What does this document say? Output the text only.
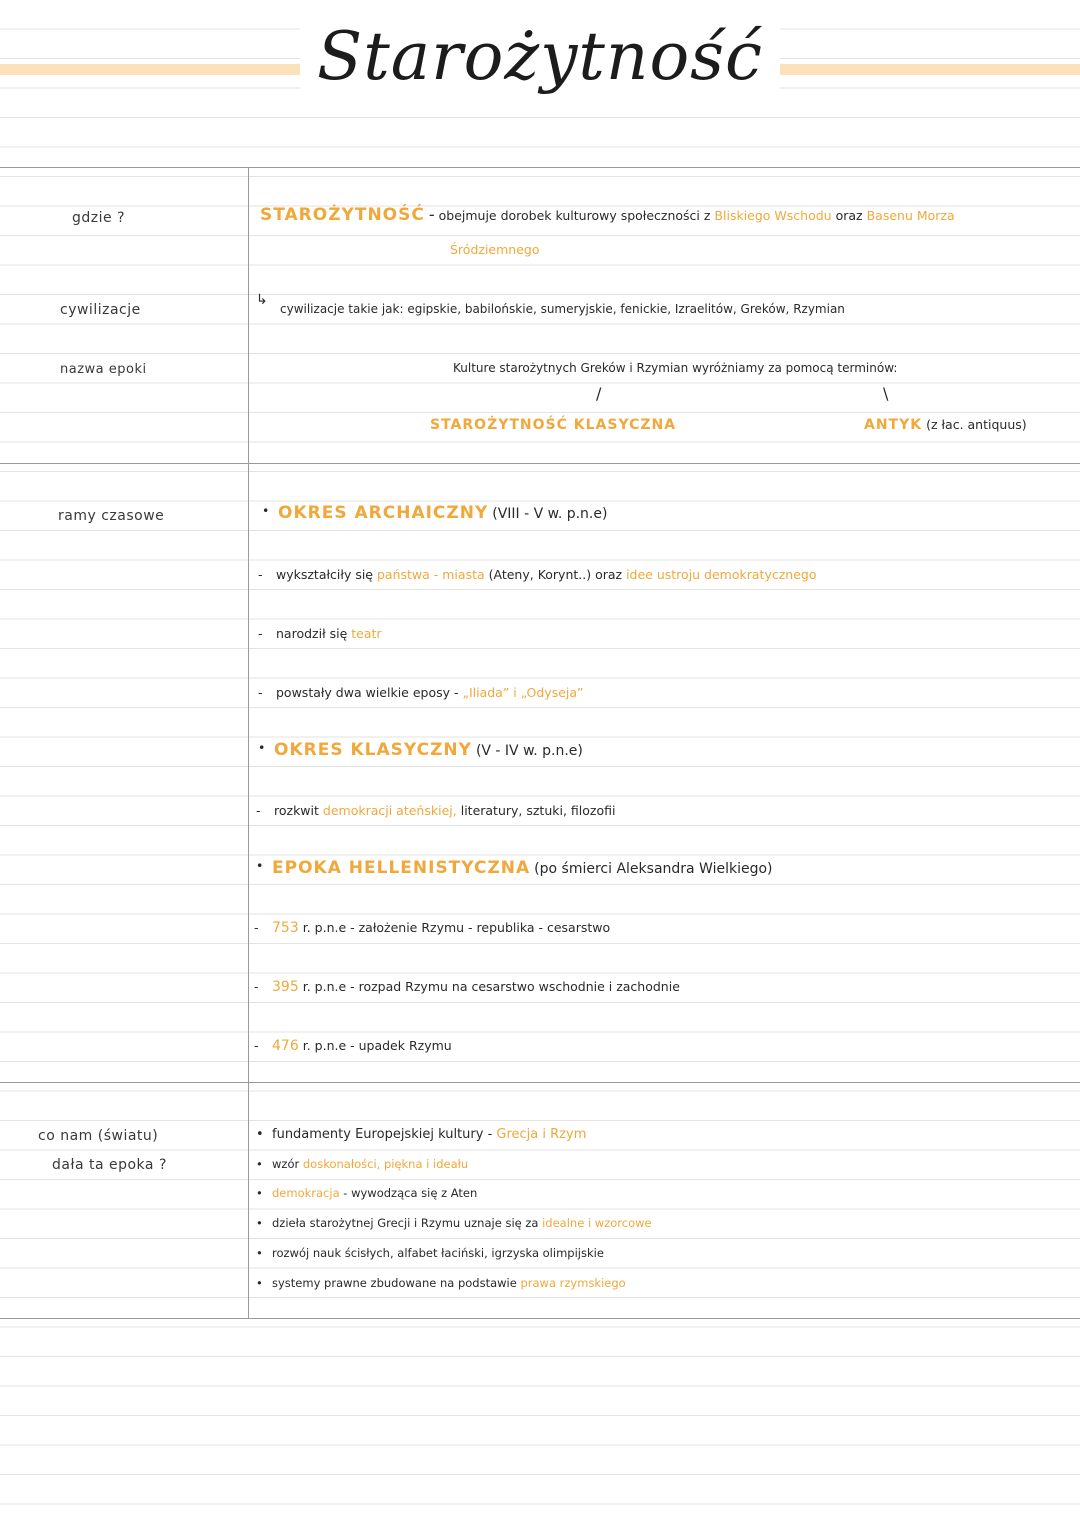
Starożytność
gdzie ?
cywilizacje
nazwa epoki
ramy czasowe
co nam (światu)
dała ta epoka ?
STAROŻYTNOŚĆ - obejmuje dorobek kulturowy społeczności z Bliskiego Wschodu oraz Basenu Morza
Śródziemnego
↳
cywilizacje takie jak: egipskie, babilońskie, sumeryjskie, fenickie, Izraelitów, Greków, Rzymian
Kulture starożytnych Greków i Rzymian wyróżniamy za pomocą terminów:
/	\
STAROŻYTNOŚĆ KLASYCZNA	ANTYK (z łac. antiquus)
• OKRES ARCHAICZNY (VIII - V w. p.n.e)
- wykształciły się państwa - miasta (Ateny, Korynt..) oraz idee ustroju demokratycznego
- narodził się teatr
- powstały dwa wielkie eposy - „Iliada” i „Odyseja”
• OKRES KLASYCZNY (V - IV w. p.n.e)
- rozkwit demokracji ateńskiej, literatury, sztuki, filozofii
• EPOKA HELLENISTYCZNA (po śmierci Aleksandra Wielkiego)
- 753 r. p.n.e - założenie Rzymu - republika - cesarstwo
- 395 r. p.n.e - rozpad Rzymu na cesarstwo wschodnie i zachodnie
- 476 r. p.n.e - upadek Rzymu
• fundamenty Europejskiej kultury - Grecja i Rzym
• wzór doskonałości, piękna i ideału
• demokracja - wywodząca się z Aten
• dzieła starożytnej Grecji i Rzymu uznaje się za idealne i wzorcowe
• rozwój nauk ścisłych, alfabet łaciński, igrzyska olimpijskie
• systemy prawne zbudowane na podstawie prawa rzymskiego
